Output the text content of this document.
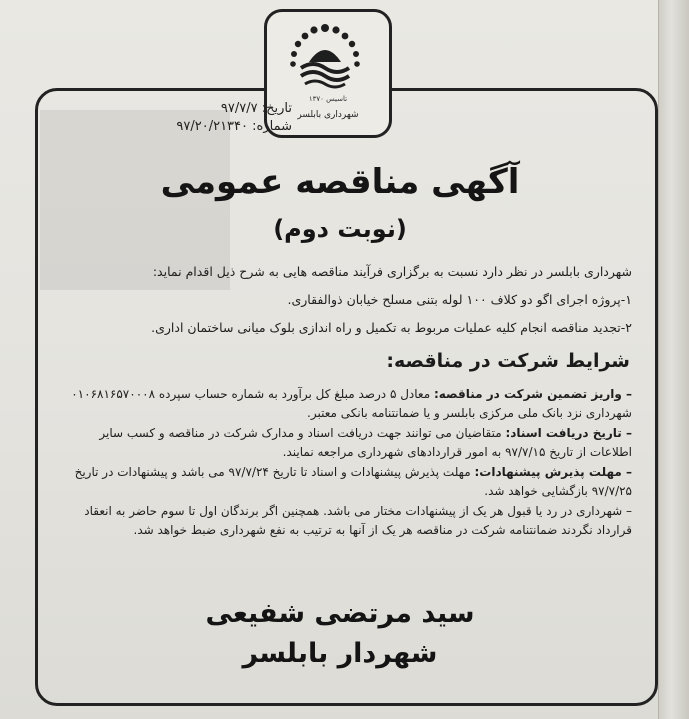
تاسیس ۱۳۷۰
شهرداری بابلسر
تاریخ: ۹۷/۷/۷
شماره: ۹۷/۲۰/۲۱۳۴۰
آگهی مناقصه عمومی
(نوبت دوم)
شهرداری بابلسر در نظر دارد نسبت به برگزاری فرآیند مناقصه هایی به شرح ذیل اقدام نماید:
۱-پروژه اجرای اگو دو کلاف ۱۰۰ لوله بتنی مسلح خیابان ذوالفقاری.
۲-تجدید مناقصه انجام کلیه عملیات مربوط به تکمیل و راه اندازی بلوک میانی ساختمان اداری.
شرایط شرکت در مناقصه:

– واریز تضمین شرکت در مناقصه: معادل ۵ درصد مبلغ کل برآورد به شماره حساب سپرده ۰۱۰۶۸۱۶۵۷۰۰۰۸ شهرداری نزد بانک ملی مرکزی بابلسر و یا ضمانتنامه بانکی معتبر.

– تاریخ دریافت اسناد: متقاضیان می توانند جهت دریافت اسناد و مدارک شرکت در مناقصه و کسب سایر اطلاعات از تاریخ ۹۷/۷/۱۵ به امور قراردادهای شهرداری مراجعه نمایند.

– مهلت پذیرش پیشنهادات: مهلت پذیرش پیشنهادات و اسناد تا تاریخ ۹۷/۷/۲۴ می باشد و پیشنهادات در تاریخ ۹۷/۷/۲۵ بازگشایی خواهد شد.

– شهرداری در رد یا قبول هر یک از پیشنهادات مختار می باشد. همچنین اگر برندگان اول تا سوم حاضر به انعقاد قرارداد نگردند ضمانتنامه شرکت در مناقصه هر یک از آنها به ترتیب به نفع شهرداری ضبط خواهد شد.

سید مرتضی شفیعی
شهردار بابلسر
